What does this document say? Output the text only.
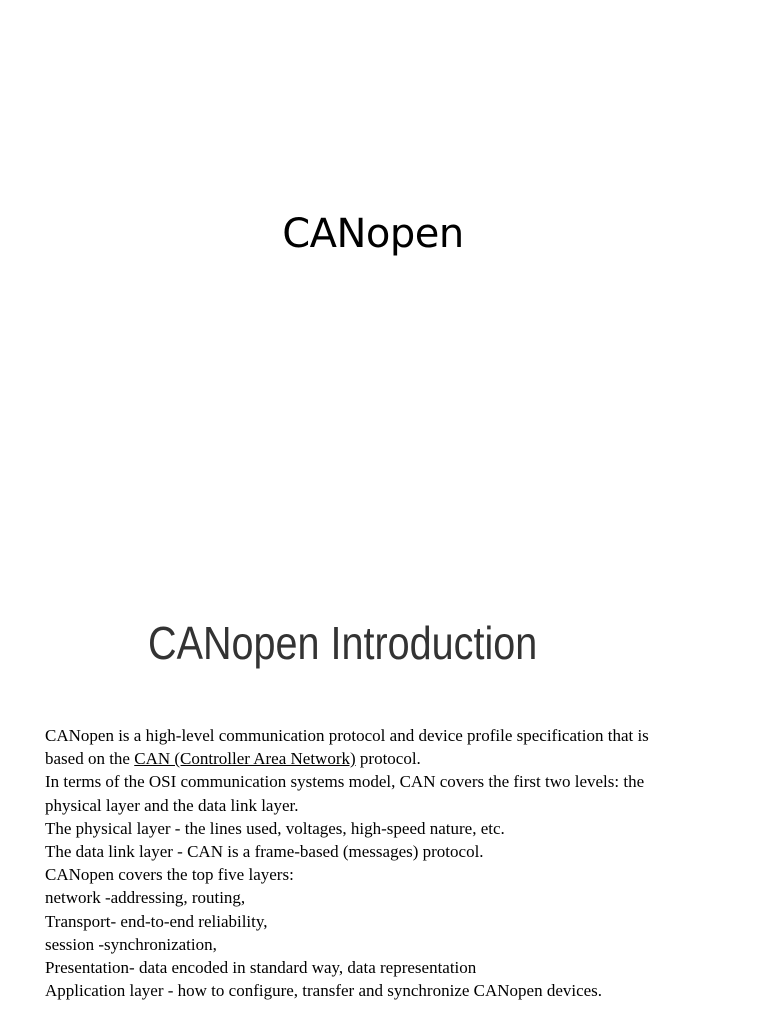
CANopen
CANopen Introduction
CANopen is a high-level communication protocol and device profile specification that is
based on the CAN (Controller Area Network) protocol.
In terms of the OSI communication systems model, CAN covers the first two levels: the
physical layer and the data link layer.
The physical layer - the lines used, voltages, high-speed nature, etc.
The data link layer - CAN is a frame-based (messages) protocol.
CANopen covers the top five layers:
network -addressing, routing,
Transport- end-to-end reliability,
session -synchronization,
Presentation- data encoded in standard way, data representation
Application layer - how to configure, transfer and synchronize CANopen devices.
